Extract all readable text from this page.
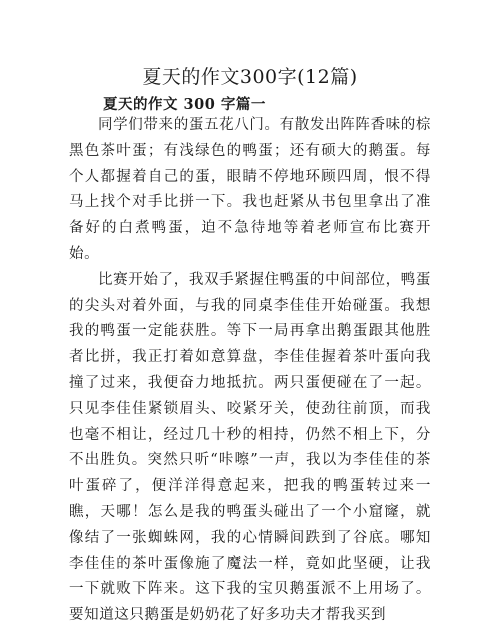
夏天的作文300字(12篇)
夏天的作文 300 字篇一

同学们带来的蛋五花八门。有散发出阵阵香味的棕黑色茶叶蛋；有浅绿色的鸭蛋；还有硕大的鹅蛋。每个人都握着自己的蛋，眼睛不停地环顾四周，恨不得马上找个对手比拼一下。我也赶紧从书包里拿出了准备好的白煮鸭蛋，迫不急待地等着老师宣布比赛开始。

比赛开始了，我双手紧握住鸭蛋的中间部位，鸭蛋的尖头对着外面，与我的同桌李佳佳开始碰蛋。我想我的鸭蛋一定能获胜。等下一局再拿出鹅蛋跟其他胜者比拼，我正打着如意算盘，李佳佳握着茶叶蛋向我撞了过来，我便奋力地抵抗。两只蛋便碰在了一起。只见李佳佳紧锁眉头、咬紧牙关，使劲往前顶，而我也毫不相让，经过几十秒的相持，仍然不相上下，分不出胜负。突然只听“咔嚓”一声，我以为李佳佳的茶叶蛋碎了，便洋洋得意起来，把我的鸭蛋转过来一瞧，天哪！怎么是我的鸭蛋头碰出了一个小窟窿，就像结了一张蜘蛛网，我的心情瞬间跌到了谷底。哪知李佳佳的茶叶蛋像施了魔法一样，竟如此坚硬，让我一下就败下阵来。这下我的宝贝鹅蛋派不上用场了。要知道这只鹅蛋是奶奶花了好多功夫才帮我买到
